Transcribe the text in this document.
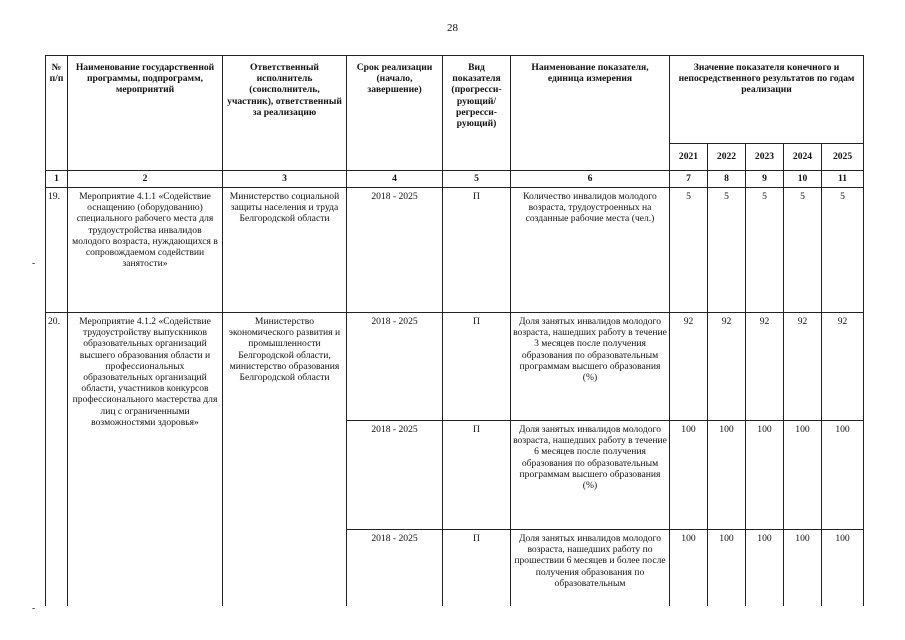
28
№ п/п	Наименование государственной программы, подпрограмм, мероприятий	Ответственный исполнитель (соисполнитель, участник), ответственный за реализацию	Срок реализации (начало, завершение)	Вид показателя (прогресси-рующий/ регресси-рующий)	Наименование показателя, единица измерения	Значение показателя конечного и непосредственного результатов по годам реализации				
						2021	2022	2023	2024	2025
1	2	3	4	5	6	7	8	9	10	11
19.	Мероприятие 4.1.1 «Содействие оснащению (оборудованию) специального рабочего места для трудоустройства инвалидов молодого возраста, нуждающихся в сопровождаемом содействии занятости»	Министерство социальной защиты населения и труда Белгородской области	2018 - 2025	П	Количество инвалидов молодого возраста, трудоустроенных на созданные рабочие места (чел.)	5	5	5	5	5
20.	Мероприятие 4.1.2 «Содействие трудоустройству выпускников образовательных организаций высшего образования области и профессиональных образовательных организаций области, участников конкурсов профессионального мастерства для лиц с ограниченными возможностями здоровья»	Министерство экономического развития и промышленности Белгородской области, министерство образования Белгородской области	2018 - 2025	П	Доля занятых инвалидов молодого возраста, нашедших работу в течение 3 месяцев после получения образования по образовательным программам высшего образования (%)	92	92	92	92	92
			2018 - 2025	П	Доля занятых инвалидов молодого возраста, нашедших работу в течение 6 месяцев после получения образования по образовательным программам высшего образования (%)	100	100	100	100	100
			2018 - 2025	П	Доля занятых инвалидов молодого возраста, нашедших работу по прошествии 6 месяцев и более после получения образования по образовательным	100	100	100	100	100
-
-
